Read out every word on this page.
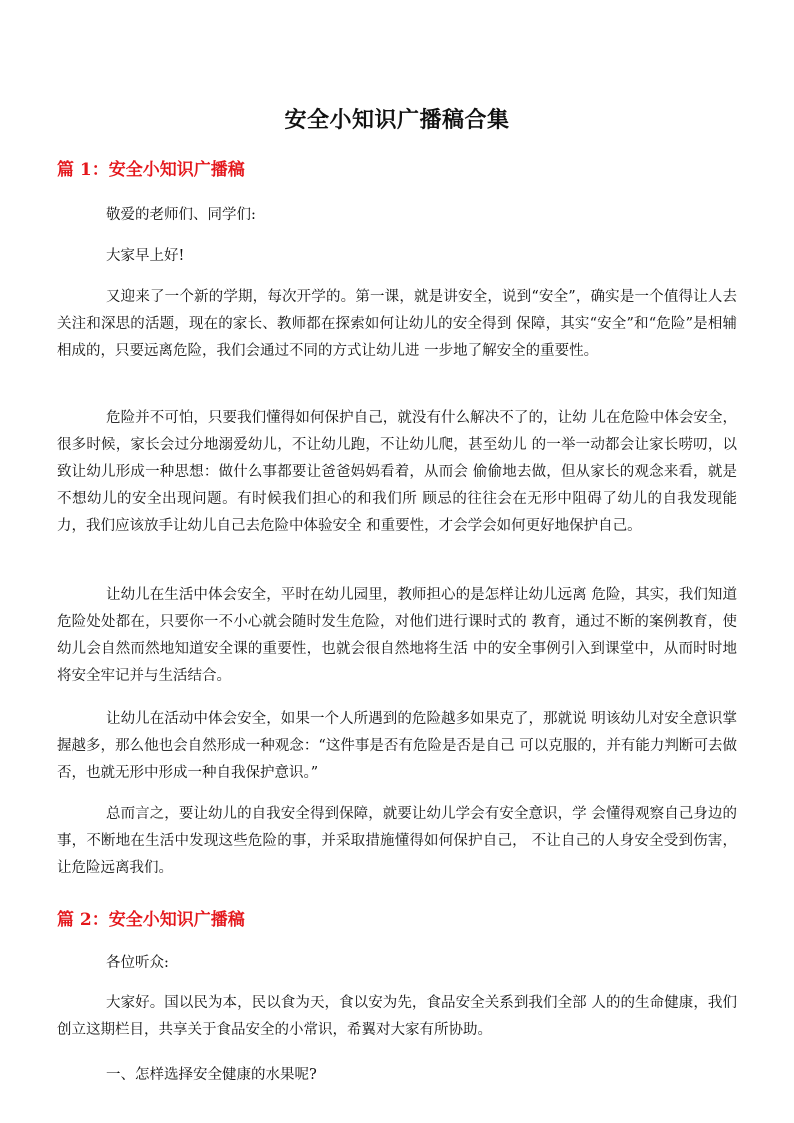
安全小知识广播稿合集
篇 1：安全小知识广播稿

敬爱的老师们、同学们:

大家早上好!

又迎来了一个新的学期，每次开学的。第一课，就是讲安全，说到“安全”，确实是一个值得让人去关注和深思的活题，现在的家长、教师都在探索如何让幼儿的安全得到 保障，其实“安全”和“危险”是相辅相成的，只要远离危险，我们会通过不同的方式让幼儿进 一步地了解安全的重要性。

危险并不可怕，只要我们懂得如何保护自己，就没有什么解决不了的，让幼 儿在危险中体会安全，很多时候，家长会过分地溺爱幼儿，不让幼儿跑，不让幼儿爬，甚至幼儿 的一举一动都会让家长唠叨，以致让幼儿形成一种思想：做什么事都要让爸爸妈妈看着，从而会 偷偷地去做，但从家长的观念来看，就是不想幼儿的安全出现问题。有时候我们担心的和我们所 顾忌的往往会在无形中阻碍了幼儿的自我发现能力，我们应该放手让幼儿自己去危险中体验安全 和重要性，才会学会如何更好地保护自己。

让幼儿在生活中体会安全，平时在幼儿园里，教师担心的是怎样让幼儿远离 危险，其实，我们知道危险处处都在，只要你一不小心就会随时发生危险，对他们进行课时式的 教育，通过不断的案例教育，使幼儿会自然而然地知道安全课的重要性，也就会很自然地将生活 中的安全事例引入到课堂中，从而时时地将安全牢记并与生活结合。

让幼儿在活动中体会安全，如果一个人所遇到的危险越多如果克了，那就说 明该幼儿对安全意识掌握越多，那么他也会自然形成一种观念：“这件事是否有危险是否是自己 可以克服的，并有能力判断可去做否，也就无形中形成一种自我保护意识。”

总而言之，要让幼儿的自我安全得到保障，就要让幼儿学会有安全意识，学 会懂得观察自己身边的事，不断地在生活中发现这些危险的事，并采取措施懂得如何保护自己， 不让自己的人身安全受到伤害，让危险远离我们。

篇 2：安全小知识广播稿

各位听众:

大家好。国以民为本，民以食为天，食以安为先，食品安全关系到我们全部 人的的生命健康，我们创立这期栏目，共享关于食品安全的小常识，希翼对大家有所协助。

一、怎样选择安全健康的水果呢?
